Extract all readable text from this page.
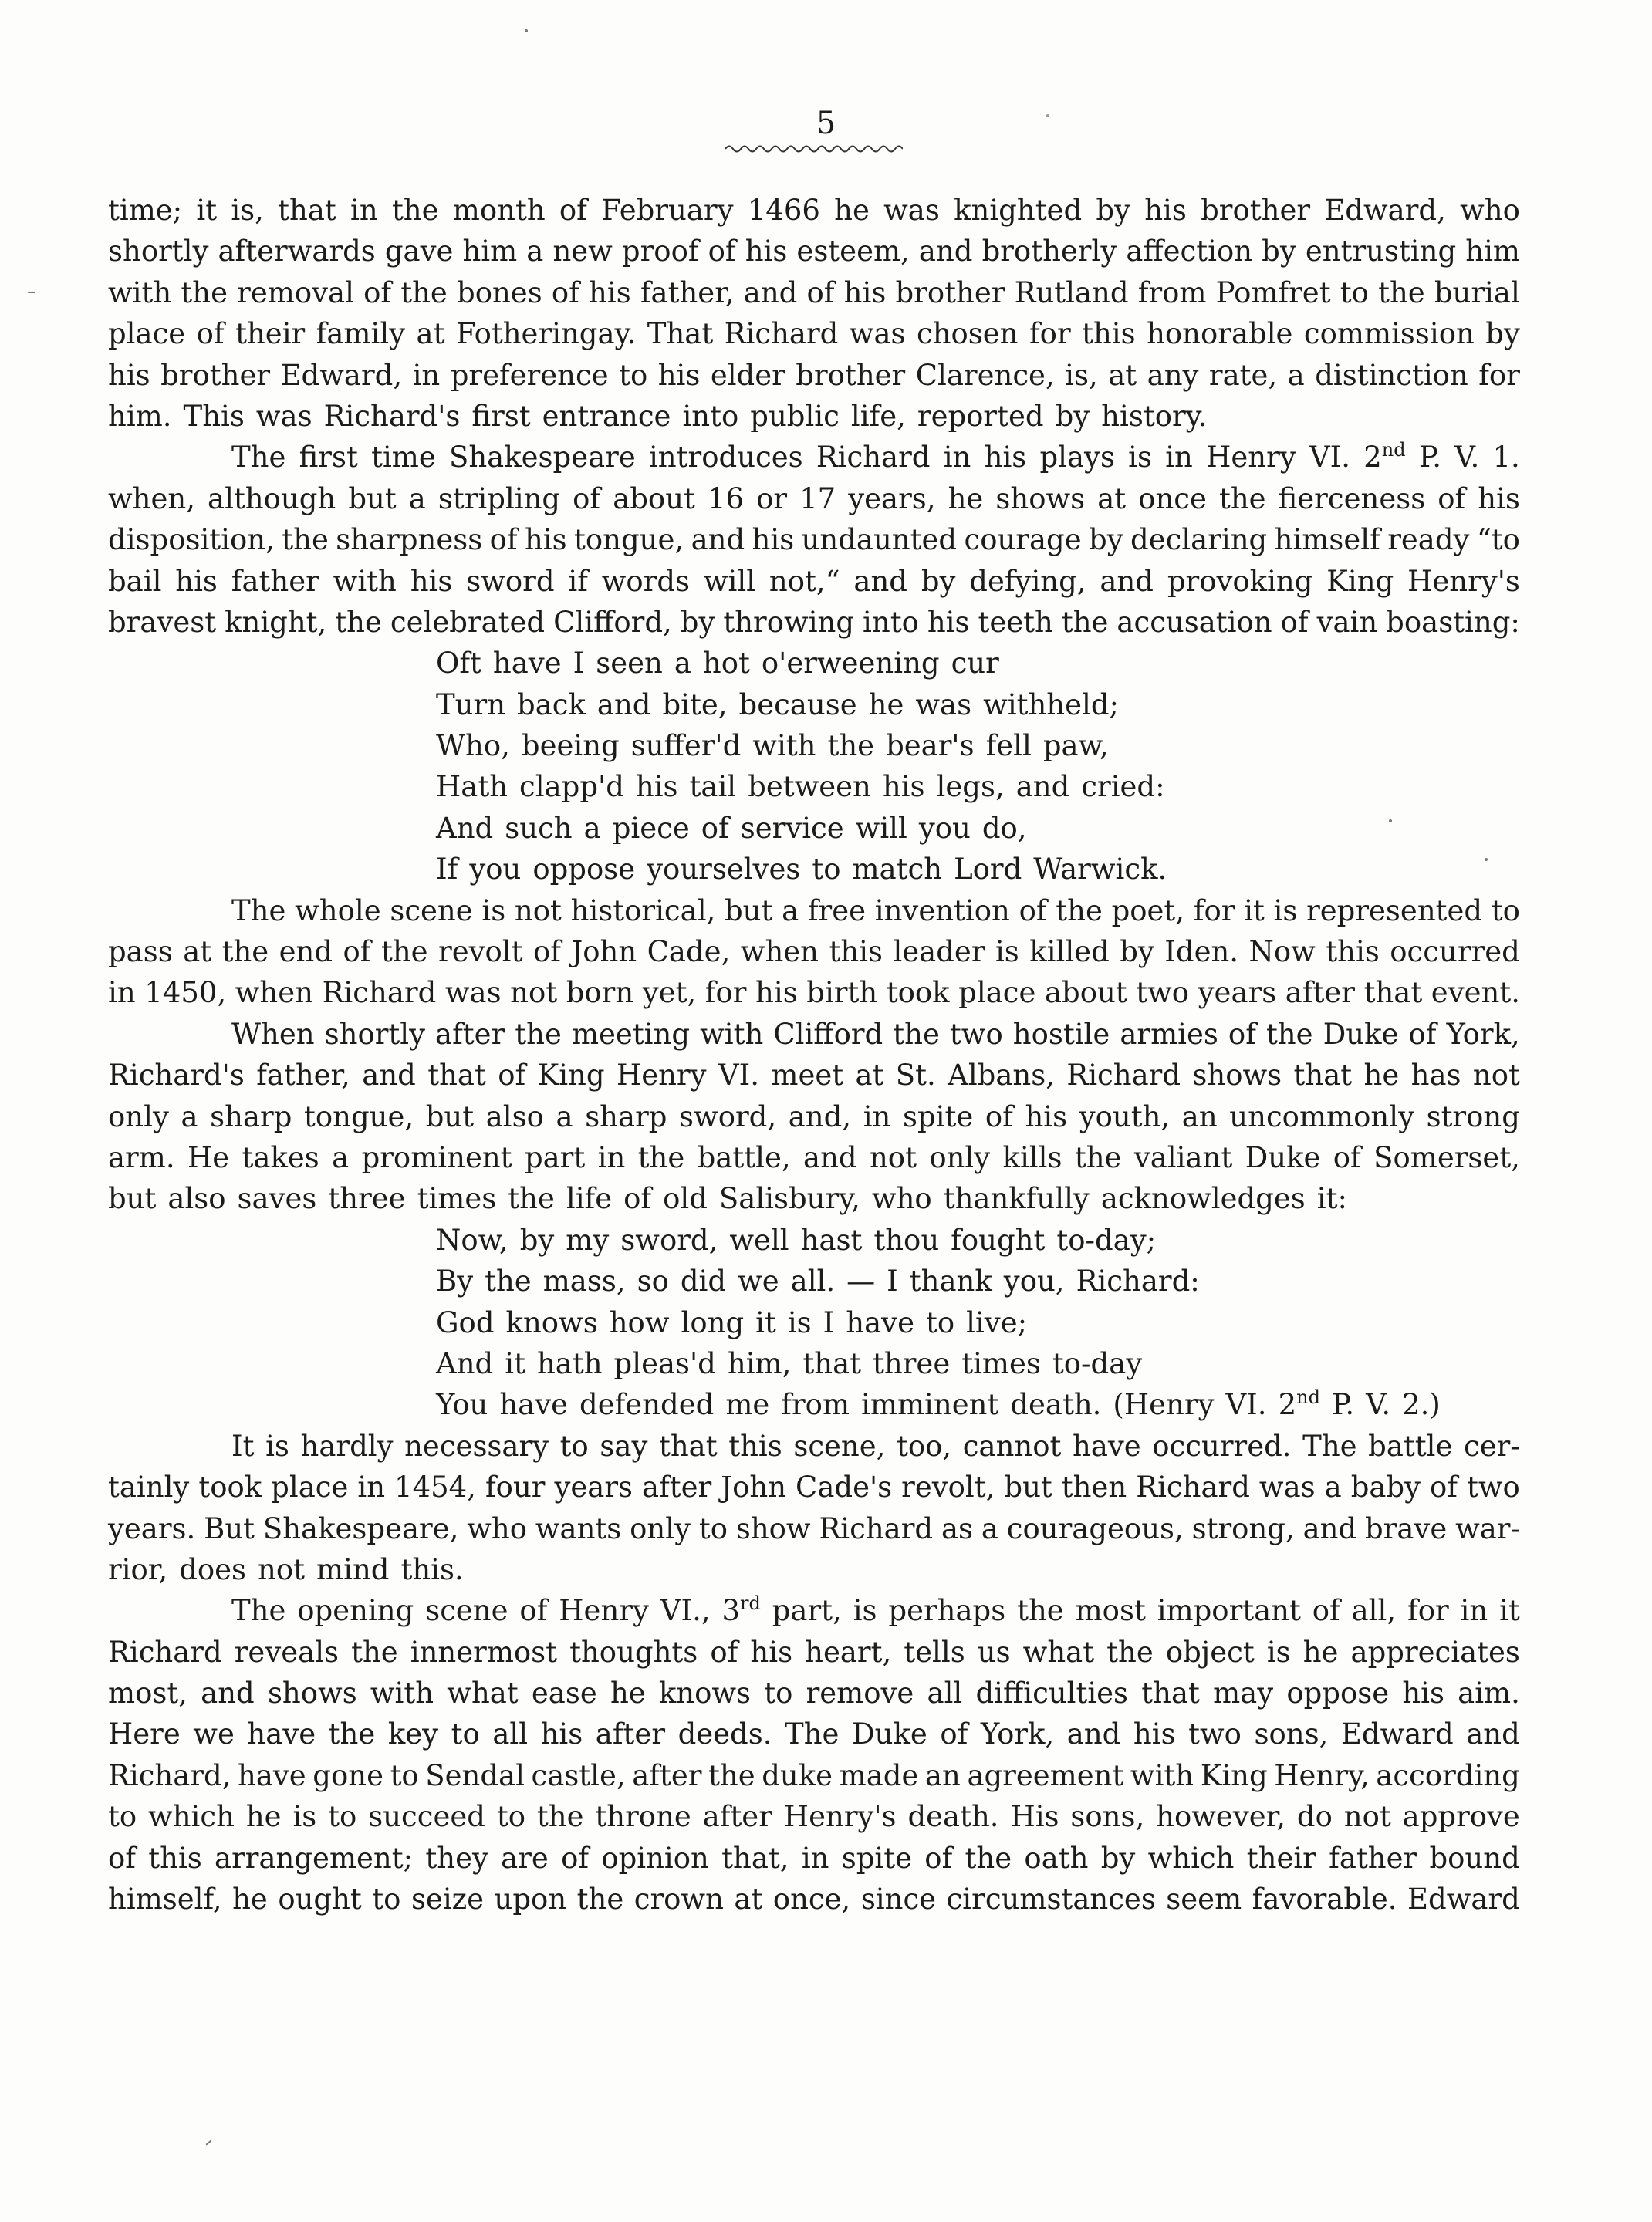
5
time; it is, that in the month of February 1466 he was knighted by his brother Edward, who
shortly afterwards gave him a new proof of his esteem, and brotherly affection by entrusting him
with the removal of the bones of his father, and of his brother Rutland from Pomfret to the burial
place of their family at Fotheringay. That Richard was chosen for this honorable commission by
his brother Edward, in preference to his elder brother Clarence, is, at any rate, a distinction for
him. This was Richard's first entrance into public life, reported by history.
The first time Shakespeare introduces Richard in his plays is in Henry VI. 2nd P. V. 1.
when, although but a stripling of about 16 or 17 years, he shows at once the fierceness of his
disposition, the sharpness of his tongue, and his undaunted courage by declaring himself ready “to
bail his father with his sword if words will not,“ and by defying, and provoking King Henry's
bravest knight, the celebrated Clifford, by throwing into his teeth the accusation of vain boasting:
Oft have I seen a hot o'erweening cur
Turn back and bite, because he was withheld;
Who, beeing suffer'd with the bear's fell paw,
Hath clapp'd his tail between his legs, and cried:
And such a piece of service will you do,
If you oppose yourselves to match Lord Warwick.
The whole scene is not historical, but a free invention of the poet, for it is represented to
pass at the end of the revolt of John Cade, when this leader is killed by Iden. Now this occurred
in 1450, when Richard was not born yet, for his birth took place about two years after that event.
When shortly after the meeting with Clifford the two hostile armies of the Duke of York,
Richard's father, and that of King Henry VI. meet at St. Albans, Richard shows that he has not
only a sharp tongue, but also a sharp sword, and, in spite of his youth, an uncommonly strong
arm. He takes a prominent part in the battle, and not only kills the valiant Duke of Somerset,
but also saves three times the life of old Salisbury, who thankfully acknowledges it:
Now, by my sword, well hast thou fought to-day;
By the mass, so did we all. — I thank you, Richard:
God knows how long it is I have to live;
And it hath pleas'd him, that three times to-day
You have defended me from imminent death. (Henry VI. 2nd P. V. 2.)
It is hardly necessary to say that this scene, too, cannot have occurred. The battle cer-
tainly took place in 1454, four years after John Cade's revolt, but then Richard was a baby of two
years. But Shakespeare, who wants only to show Richard as a courageous, strong, and brave war-
rior, does not mind this.
The opening scene of Henry VI., 3rd part, is perhaps the most important of all, for in it
Richard reveals the innermost thoughts of his heart, tells us what the object is he appreciates
most, and shows with what ease he knows to remove all difficulties that may oppose his aim.
Here we have the key to all his after deeds. The Duke of York, and his two sons, Edward and
Richard, have gone to Sendal castle, after the duke made an agreement with King Henry, according
to which he is to succeed to the throne after Henry's death. His sons, however, do not approve
of this arrangement; they are of opinion that, in spite of the oath by which their father bound
himself, he ought to seize upon the crown at once, since circumstances seem favorable. Edward
